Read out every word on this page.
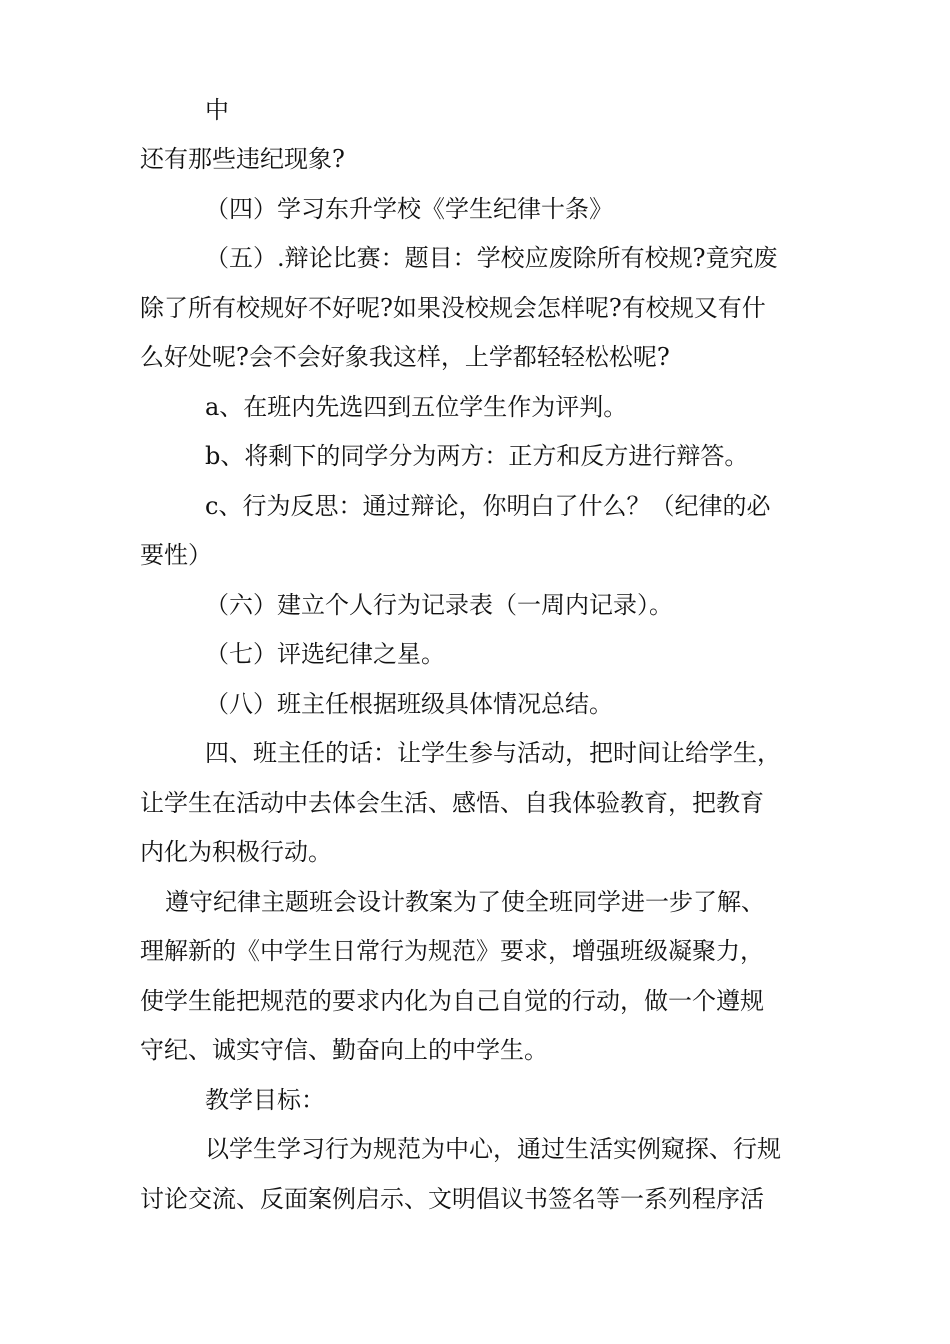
中
还有那些违纪现象?
（四）学习东升学校《学生纪律十条》
（五）.辩论比赛：题目：学校应废除所有校规?竟究废
除了所有校规好不好呢?如果没校规会怎样呢?有校规又有什
么好处呢?会不会好象我这样，上学都轻轻松松呢?
a、在班内先选四到五位学生作为评判。
b、将剩下的同学分为两方：正方和反方进行辩答。
c、行为反思：通过辩论，你明白了什么？（纪律的必
要性）
（六）建立个人行为记录表（一周内记录）。
（七）评选纪律之星。
（八）班主任根据班级具体情况总结。
四、班主任的话：让学生参与活动，把时间让给学生，
让学生在活动中去体会生活、感悟、自我体验教育，把教育
内化为积极行动。
遵守纪律主题班会设计教案为了使全班同学进一步了解、
理解新的《中学生日常行为规范》要求，增强班级凝聚力，
使学生能把规范的要求内化为自己自觉的行动，做一个遵规
守纪、诚实守信、勤奋向上的中学生。
教学目标：
以学生学习行为规范为中心，通过生活实例窥探、行规
讨论交流、反面案例启示、文明倡议书签名等一系列程序活
